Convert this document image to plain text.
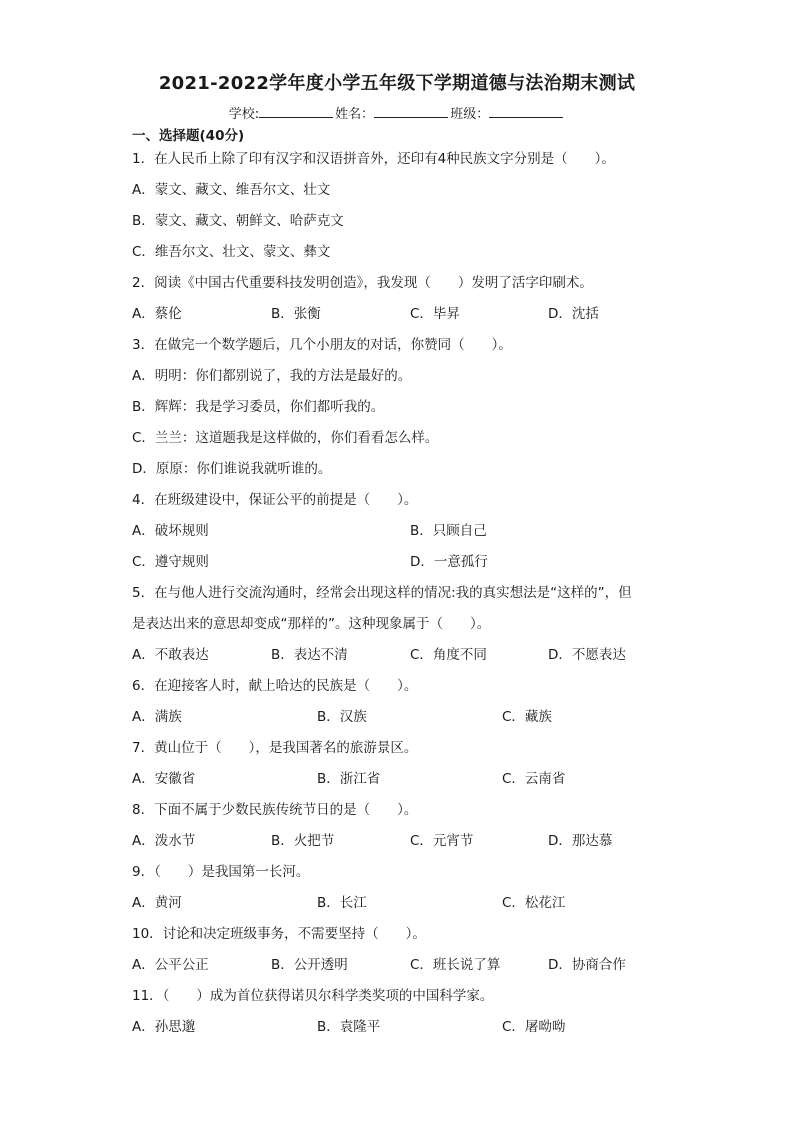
2021-2022学年度小学五年级下学期道德与法治期末测试
学校:	姓名：	班级：
一、选择题(40分)
1．在人民币上除了印有汉字和汉语拼音外，还印有4种民族文字分别是（　　）。
A．蒙文、藏文、维吾尔文、壮文
B．蒙文、藏文、朝鲜文、哈萨克文
C．维吾尔文、壮文、蒙文、彝文
2．阅读《中国古代重要科技发明创造》，我发现（　　）发明了活字印刷术。
A．蔡伦	B．张衡	C．毕昇	D．沈括
3．在做完一个数学题后，几个小朋友的对话，你赞同（　　）。
A．明明：你们都别说了，我的方法是最好的。
B．辉辉：我是学习委员，你们都听我的。
C．兰兰：这道题我是这样做的，你们看看怎么样。
D．原原：你们谁说我就听谁的。
4．在班级建设中，保证公平的前提是（　　）。
A．破坏规则	B．只顾自己
C．遵守规则	D．一意孤行
5．在与他人进行交流沟通时，经常会出现这样的情况:我的真实想法是“这样的”，但
是表达出来的意思却变成“那样的”。这种现象属于（　　）。
A．不敢表达	B．表达不清	C．角度不同	D．不愿表达
6．在迎接客人时，献上哈达的民族是（　　）。
A．满族	B．汉族	C．藏族
7．黄山位于（　　），是我国著名的旅游景区。
A．安徽省	B．浙江省	C．云南省
8．下面不属于少数民族传统节日的是（　　）。
A．泼水节	B．火把节	C．元宵节	D．那达慕
9．（　　）是我国第一长河。
A．黄河	B．长江	C．松花江
10．讨论和决定班级事务，不需要坚持（　　）。
A．公平公正	B．公开透明	C．班长说了算	D．协商合作
11．（　　）成为首位获得诺贝尔科学类奖项的中国科学家。
A．孙思邈	B．袁隆平	C．屠呦呦
